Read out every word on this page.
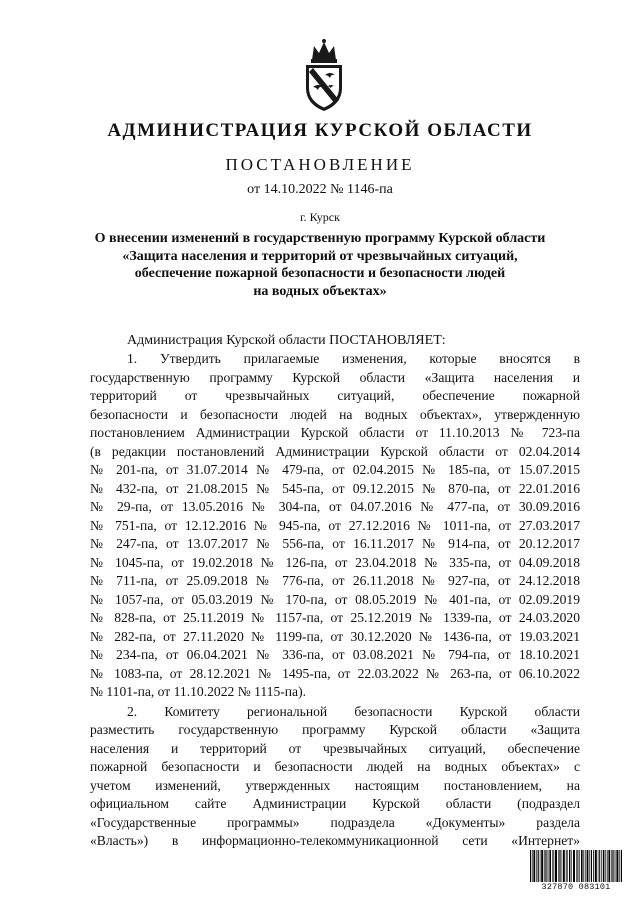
АДМИНИСТРАЦИЯ КУРСКОЙ ОБЛАСТИ
ПОСТАНОВЛЕНИЕ
от 14.10.2022 № 1146-па
г. Курск
О внесении изменений в государственную программу Курской области
«Защита населения и территорий от чрезвычайных ситуаций,
обеспечение пожарной безопасности и безопасности людей
на водных объектах»
Администрация Курской области ПОСТАНОВЛЯЕТ:
1. Утвердить прилагаемые изменения, которые вносятся в
государственную программу Курской области «Защита населения и
территорий от чрезвычайных ситуаций, обеспечение пожарной
безопасности и безопасности людей на водных объектах», утвержденную
постановлением Администрации Курской области от 11.10.2013 № 723-па
(в редакции постановлений Администрации Курской области от 02.04.2014
№ 201-па, от 31.07.2014 № 479-па, от 02.04.2015 № 185-па, от 15.07.2015
№ 432-па, от 21.08.2015 № 545-па, от 09.12.2015 № 870-па, от 22.01.2016
№ 29-па, от 13.05.2016 № 304-па, от 04.07.2016 № 477-па, от 30.09.2016
№ 751-па, от 12.12.2016 № 945-па, от 27.12.2016 № 1011-па, от 27.03.2017
№ 247-па, от 13.07.2017 № 556-па, от 16.11.2017 № 914-па, от 20.12.2017
№ 1045-па, от 19.02.2018 № 126-па, от 23.04.2018 № 335-па, от 04.09.2018
№ 711-па, от 25.09.2018 № 776-па, от 26.11.2018 № 927-па, от 24.12.2018
№ 1057-па, от 05.03.2019 № 170-па, от 08.05.2019 № 401-па, от 02.09.2019
№ 828-па, от 25.11.2019 № 1157-па, от 25.12.2019 № 1339-па, от 24.03.2020
№ 282-па, от 27.11.2020 № 1199-па, от 30.12.2020 № 1436-па, от 19.03.2021
№ 234-па, от 06.04.2021 № 336-па, от 03.08.2021 № 794-па, от 18.10.2021
№ 1083-па, от 28.12.2021 № 1495-па, от 22.03.2022 № 263-па, от 06.10.2022
№ 1101-па, от 11.10.2022 № 1115-па).
2. Комитету региональной безопасности Курской области
разместить государственную программу Курской области «Защита
населения и территорий от чрезвычайных ситуаций, обеспечение
пожарной безопасности и безопасности людей на водных объектах» с
учетом изменений, утвержденных настоящим постановлением, на
официальном сайте Администрации Курской области (подраздел
«Государственные программы» подраздела «Документы» раздела
«Власть») в информационно-телекоммуникационной сети «Интернет»
327870 083101
